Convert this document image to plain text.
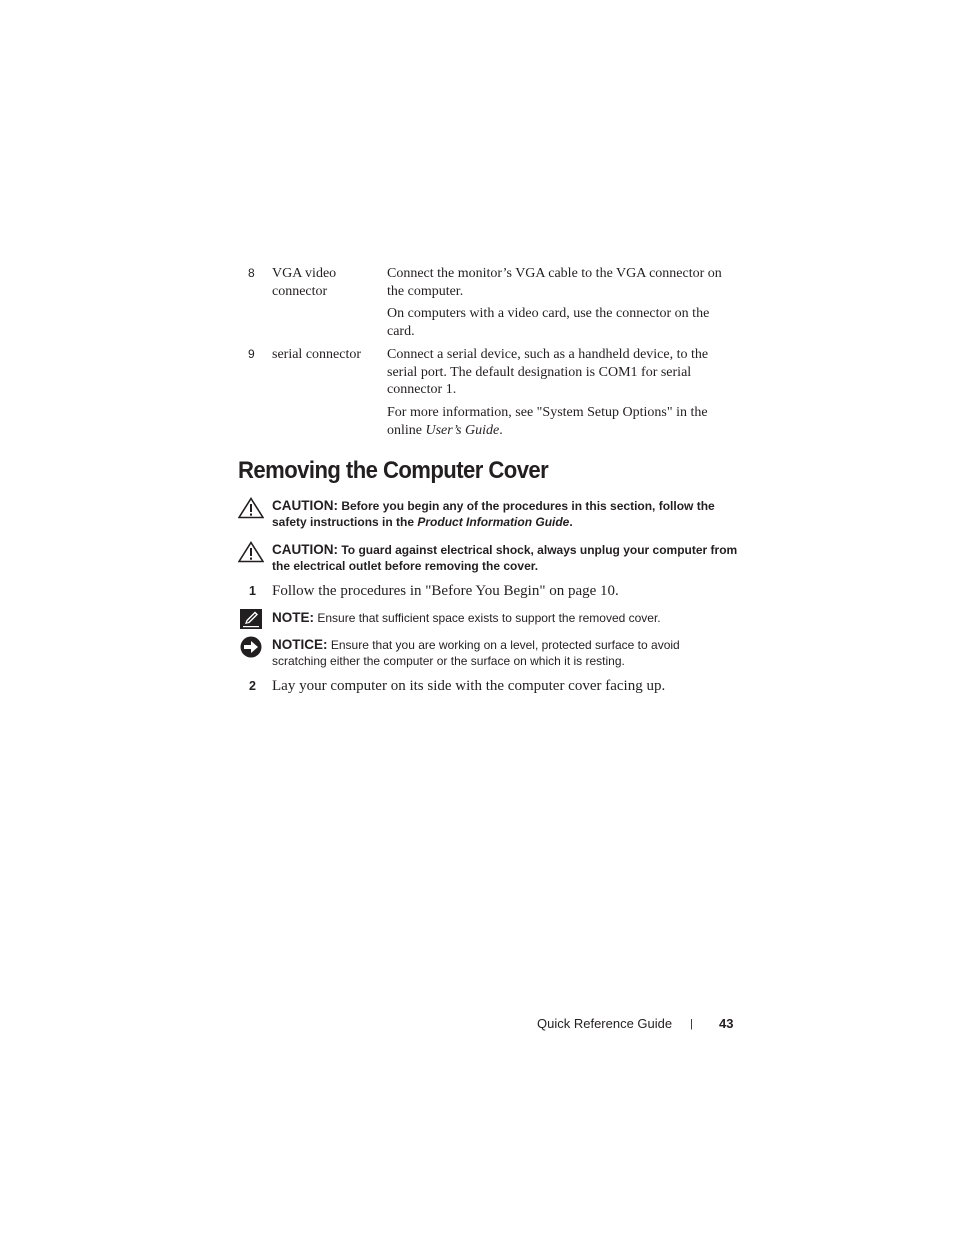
8 VGA video
connector
Connect the monitor’s VGA cable to the VGA connector on
the computer.
On computers with a video card, use the connector on the
card.
9 serial connector Connect a serial device, such as a handheld device, to the
serial port. The default designation is COM1 for serial
connector 1.
For more information, see "System Setup Options" in the
online User’s Guide.
Removing the Computer Cover
CAUTION: Before you begin any of the procedures in this section, follow the
safety instructions in the Product Information Guide.
CAUTION: To guard against electrical shock, always unplug your computer from
the electrical outlet before removing the cover.
1 Follow the procedures in "Before You Begin" on page 10.
NOTE: Ensure that sufficient space exists to support the removed cover.
NOTICE: Ensure that you are working on a level, protected surface to avoid
scratching either the computer or the surface on which it is resting.
2 Lay your computer on its side with the computer cover facing up.
Quick Reference Guide | 43
